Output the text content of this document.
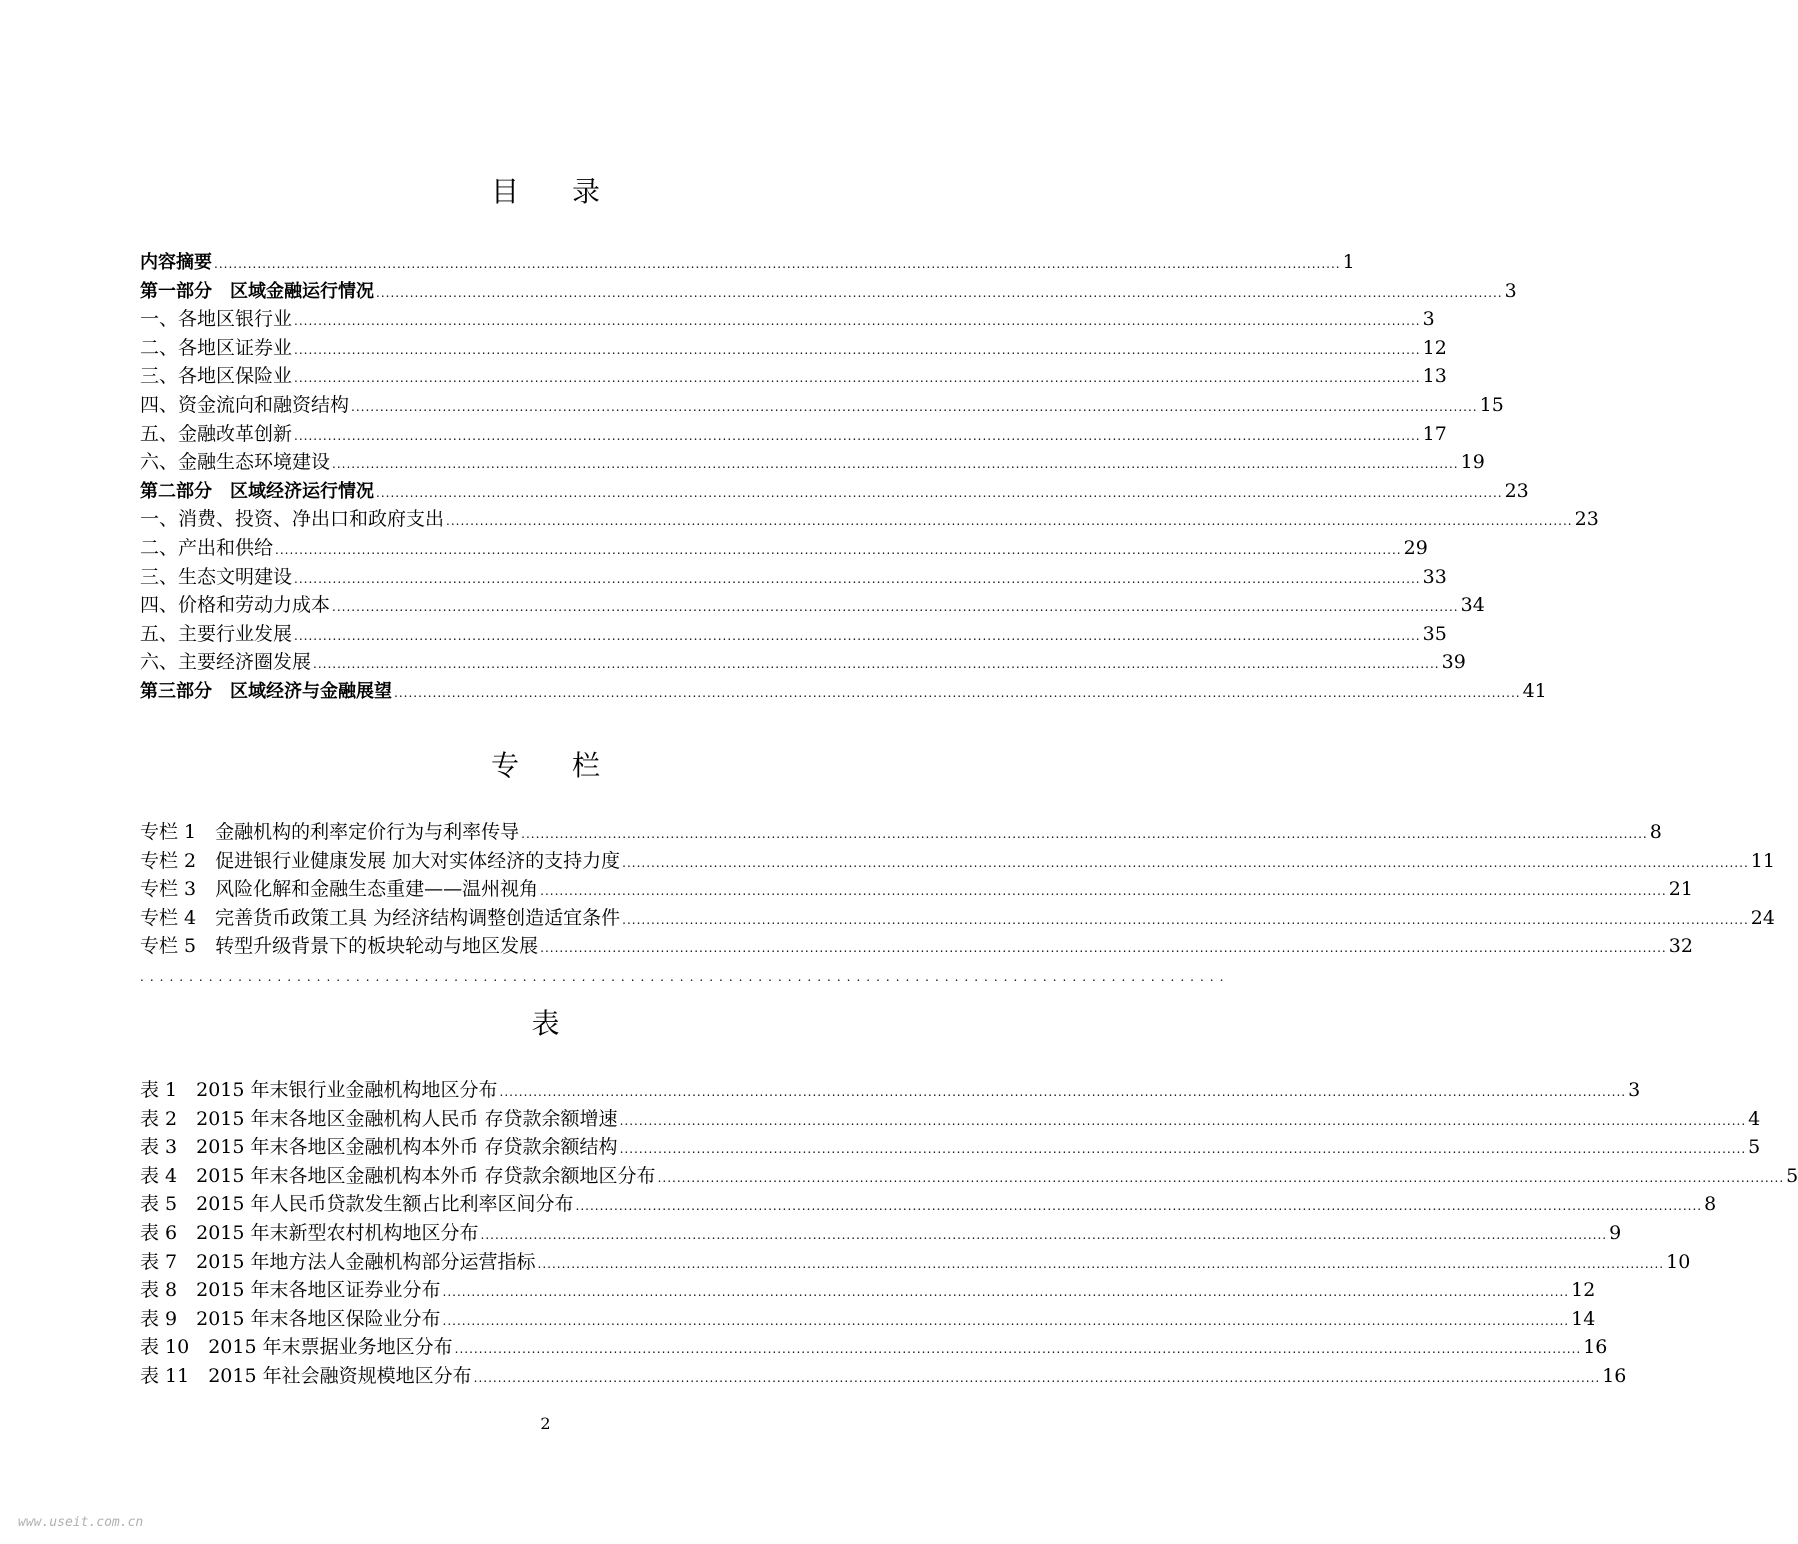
目 录
内容摘要 .....	1
第一部分　区域金融运行情况 .....	3
一、各地区银行业 .....	3
二、各地区证券业 .....	12
三、各地区保险业 .....	13
四、资金流向和融资结构 .....	15
五、金融改革创新 .....	17
六、金融生态环境建设 .....	19
第二部分　区域经济运行情况 .....	23
一、消费、投资、净出口和政府支出 .....	23
二、产出和供给 .....	29
三、生态文明建设 .....	33
四、价格和劳动力成本 .....	34
五、主要行业发展 .....	35
六、主要经济圈发展 .....	39
第三部分　区域经济与金融展望 .....	41
专 栏
专栏 1　金融机构的利率定价行为与利率传导 .....	8
专栏 2　促进银行业健康发展 加大对实体经济的支持力度 .....	11
专栏 3　风险化解和金融生态重建——温州视角 .....	21
专栏 4　完善货币政策工具 为经济结构调整创造适宜条件 .....	24
专栏 5　转型升级背景下的板块轮动与地区发展 .....	32
...............................................................................................................
表
表 1　2015 年末银行业金融机构地区分布 .....	3
表 2　2015 年末各地区金融机构人民币 存贷款余额增速 .....	4
表 3　2015 年末各地区金融机构本外币 存贷款余额结构 .....	5
表 4　2015 年末各地区金融机构本外币 存贷款余额地区分布 .....	5
表 5　2015 年人民币贷款发生额占比利率区间分布 .....	8
表 6　2015 年末新型农村机构地区分布 .....	9
表 7　2015 年地方法人金融机构部分运营指标 .....	10
表 8　2015 年末各地区证券业分布 .....	12
表 9　2015 年末各地区保险业分布 .....	14
表 10　2015 年末票据业务地区分布 .....	16
表 11　2015 年社会融资规模地区分布 .....	16
2
www.useit.com.cn
